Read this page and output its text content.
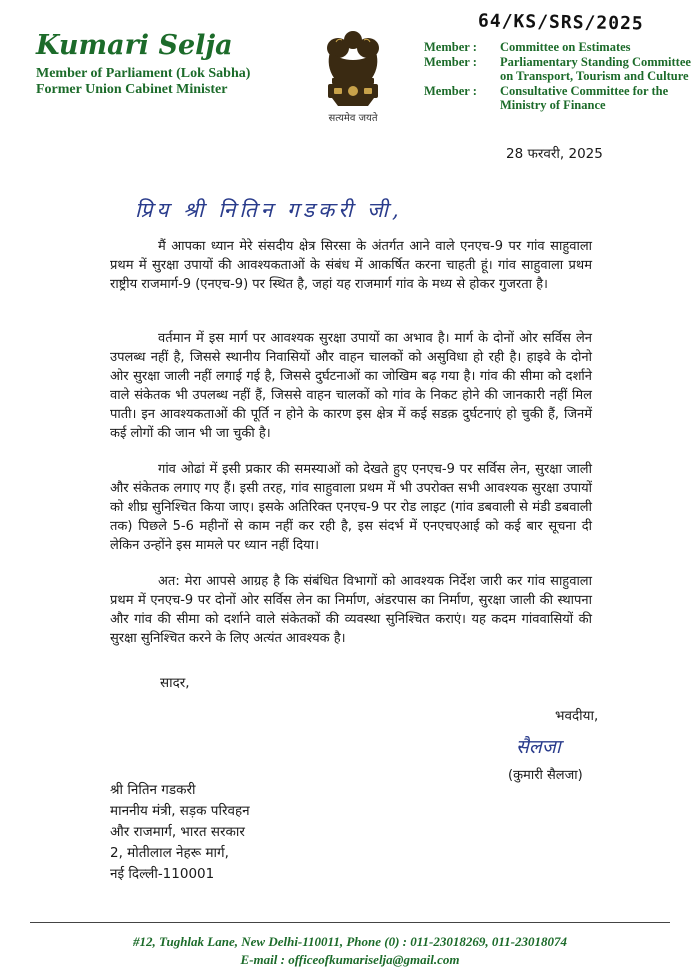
64/KS/SRS/2025
Kumari Selja
Member of Parliament (Lok Sabha)
Former Union Cabinet Minister
सत्यमेव जयते
Member :	Committee on Estimates
Member :	Parliamentary Standing Committee
on Transport, Tourism and Culture
Member :	Consultative Committee for the
Ministry of Finance
28 फरवरी, 2025
प्रिय श्री नितिन गडकरी जी,

मैं आपका ध्यान मेरे संसदीय क्षेत्र सिरसा के अंतर्गत आने वाले एनएच-9 पर गांव साहुवाला प्रथम में सुरक्षा उपायों की आवश्यकताओं के संबंध में आकर्षित करना चाहती हूं। गांव साहुवाला प्रथम राष्ट्रीय राजमार्ग-9 (एनएच-9) पर स्थित है, जहां यह राजमार्ग गांव के मध्य से होकर गुजरता है।

वर्तमान में इस मार्ग पर आवश्यक सुरक्षा उपायों का अभाव है। मार्ग के दोनों ओर सर्विस लेन उपलब्ध नहीं है, जिससे स्थानीय निवासियों और वाहन चालकों को असुविधा हो रही है। हाइवे के दोनो ओर सुरक्षा जाली नहीं लगाई गई है, जिससे दुर्घटनाओं का जोखिम बढ़ गया है। गांव की सीमा को दर्शाने वाले संकेतक भी उपलब्ध नहीं हैं, जिससे वाहन चालकों को गांव के निकट होने की जानकारी नहीं मिल पाती। इन आवश्यकताओं की पूर्ति न होने के कारण इस क्षेत्र में कई सडक़ दुर्घटनाएं हो चुकी हैं, जिनमें कई लोगों की जान भी जा चुकी है।

गांव ओढां में इसी प्रकार की समस्याओं को देखते हुए एनएच-9 पर सर्विस लेन, सुरक्षा जाली और संकेतक लगाए गए हैं। इसी तरह, गांव साहुवाला प्रथम में भी उपरोक्त सभी आवश्यक सुरक्षा उपायों को शीघ्र सुनिश्चित किया जाए। इसके अतिरिक्त एनएच-9 पर रोड लाइट (गांव डबवाली से मंडी डबवाली तक) पिछले 5-6 महीनों से काम नहीं कर रही है, इस संदर्भ में एनएचएआई को कई बार सूचना दी लेकिन उन्होंने इस मामले पर ध्यान नहीं दिया।

अत: मेरा आपसे आग्रह है कि संबंधित विभागों को आवश्यक निर्देश जारी कर गांव साहुवाला प्रथम में एनएच-9 पर दोनों ओर सर्विस लेन का निर्माण, अंडरपास का निर्माण, सुरक्षा जाली की स्थापना और गांव की सीमा को दर्शाने वाले संकेतकों की व्यवस्था सुनिश्चित कराएं। यह कदम गांववासियों की सुरक्षा सुनिश्चित करने के लिए अत्यंत आवश्यक है।

सादर,
भवदीया,
सैलजा
(कुमारी सैलजा)
श्री नितिन गडकरी
माननीय मंत्री, सड़क परिवहन
और राजमार्ग, भारत सरकार
2, मोतीलाल नेहरू मार्ग,
नई दिल्ली-110001
#12, Tughlak Lane, New Delhi-110011, Phone (0) : 011-23018269, 011-23018074
E-mail : officeofkumariselja@gmail.com
